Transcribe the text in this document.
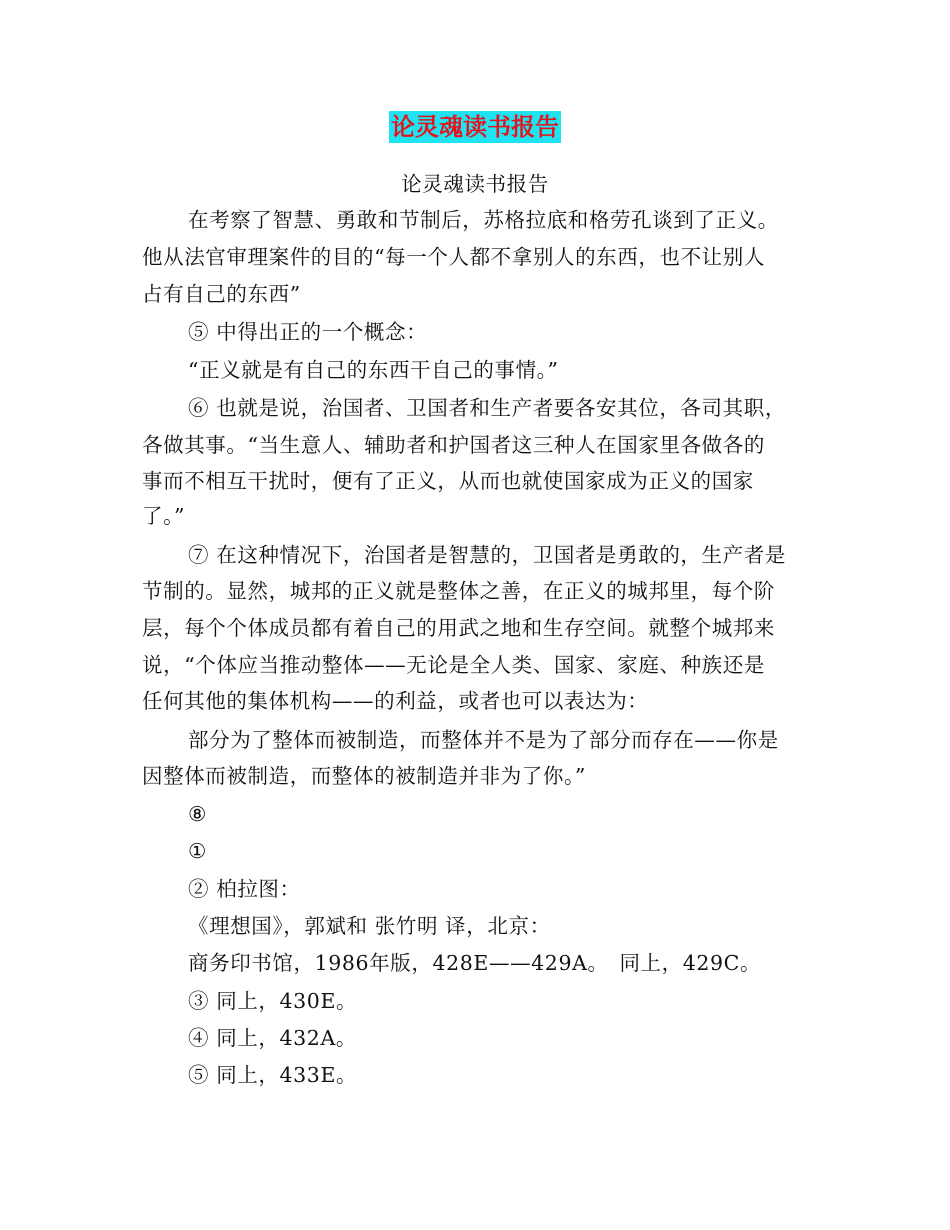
论灵魂读书报告
论灵魂读书报告
在考察了智慧、勇敢和节制后，苏格拉底和格劳孔谈到了正义。
他从法官审理案件的目的“每一个人都不拿别人的东西，也不让别人
占有自己的东西”
⑤ 中得出正的一个概念：
“正义就是有自己的东西干自己的事情。”
⑥ 也就是说，治国者、卫国者和生产者要各安其位，各司其职，
各做其事。“当生意人、辅助者和护国者这三种人在国家里各做各的
事而不相互干扰时，便有了正义，从而也就使国家成为正义的国家
了。”
⑦ 在这种情况下，治国者是智慧的，卫国者是勇敢的，生产者是
节制的。显然，城邦的正义就是整体之善，在正义的城邦里，每个阶
层，每个个体成员都有着自己的用武之地和生存空间。就整个城邦来
说，“个体应当推动整体——无论是全人类、国家、家庭、种族还是
任何其他的集体机构——的利益，或者也可以表达为：
部分为了整体而被制造，而整体并不是为了部分而存在——你是
因整体而被制造，而整体的被制造并非为了你。”
⑧
①
② 柏拉图：
《理想国》，郭斌和 张竹明 译，北京：
商务印书馆，1986年版，428E——429A。　同上，429C。
③ 同上，430E。
④ 同上，432A。
⑤ 同上，433E。
